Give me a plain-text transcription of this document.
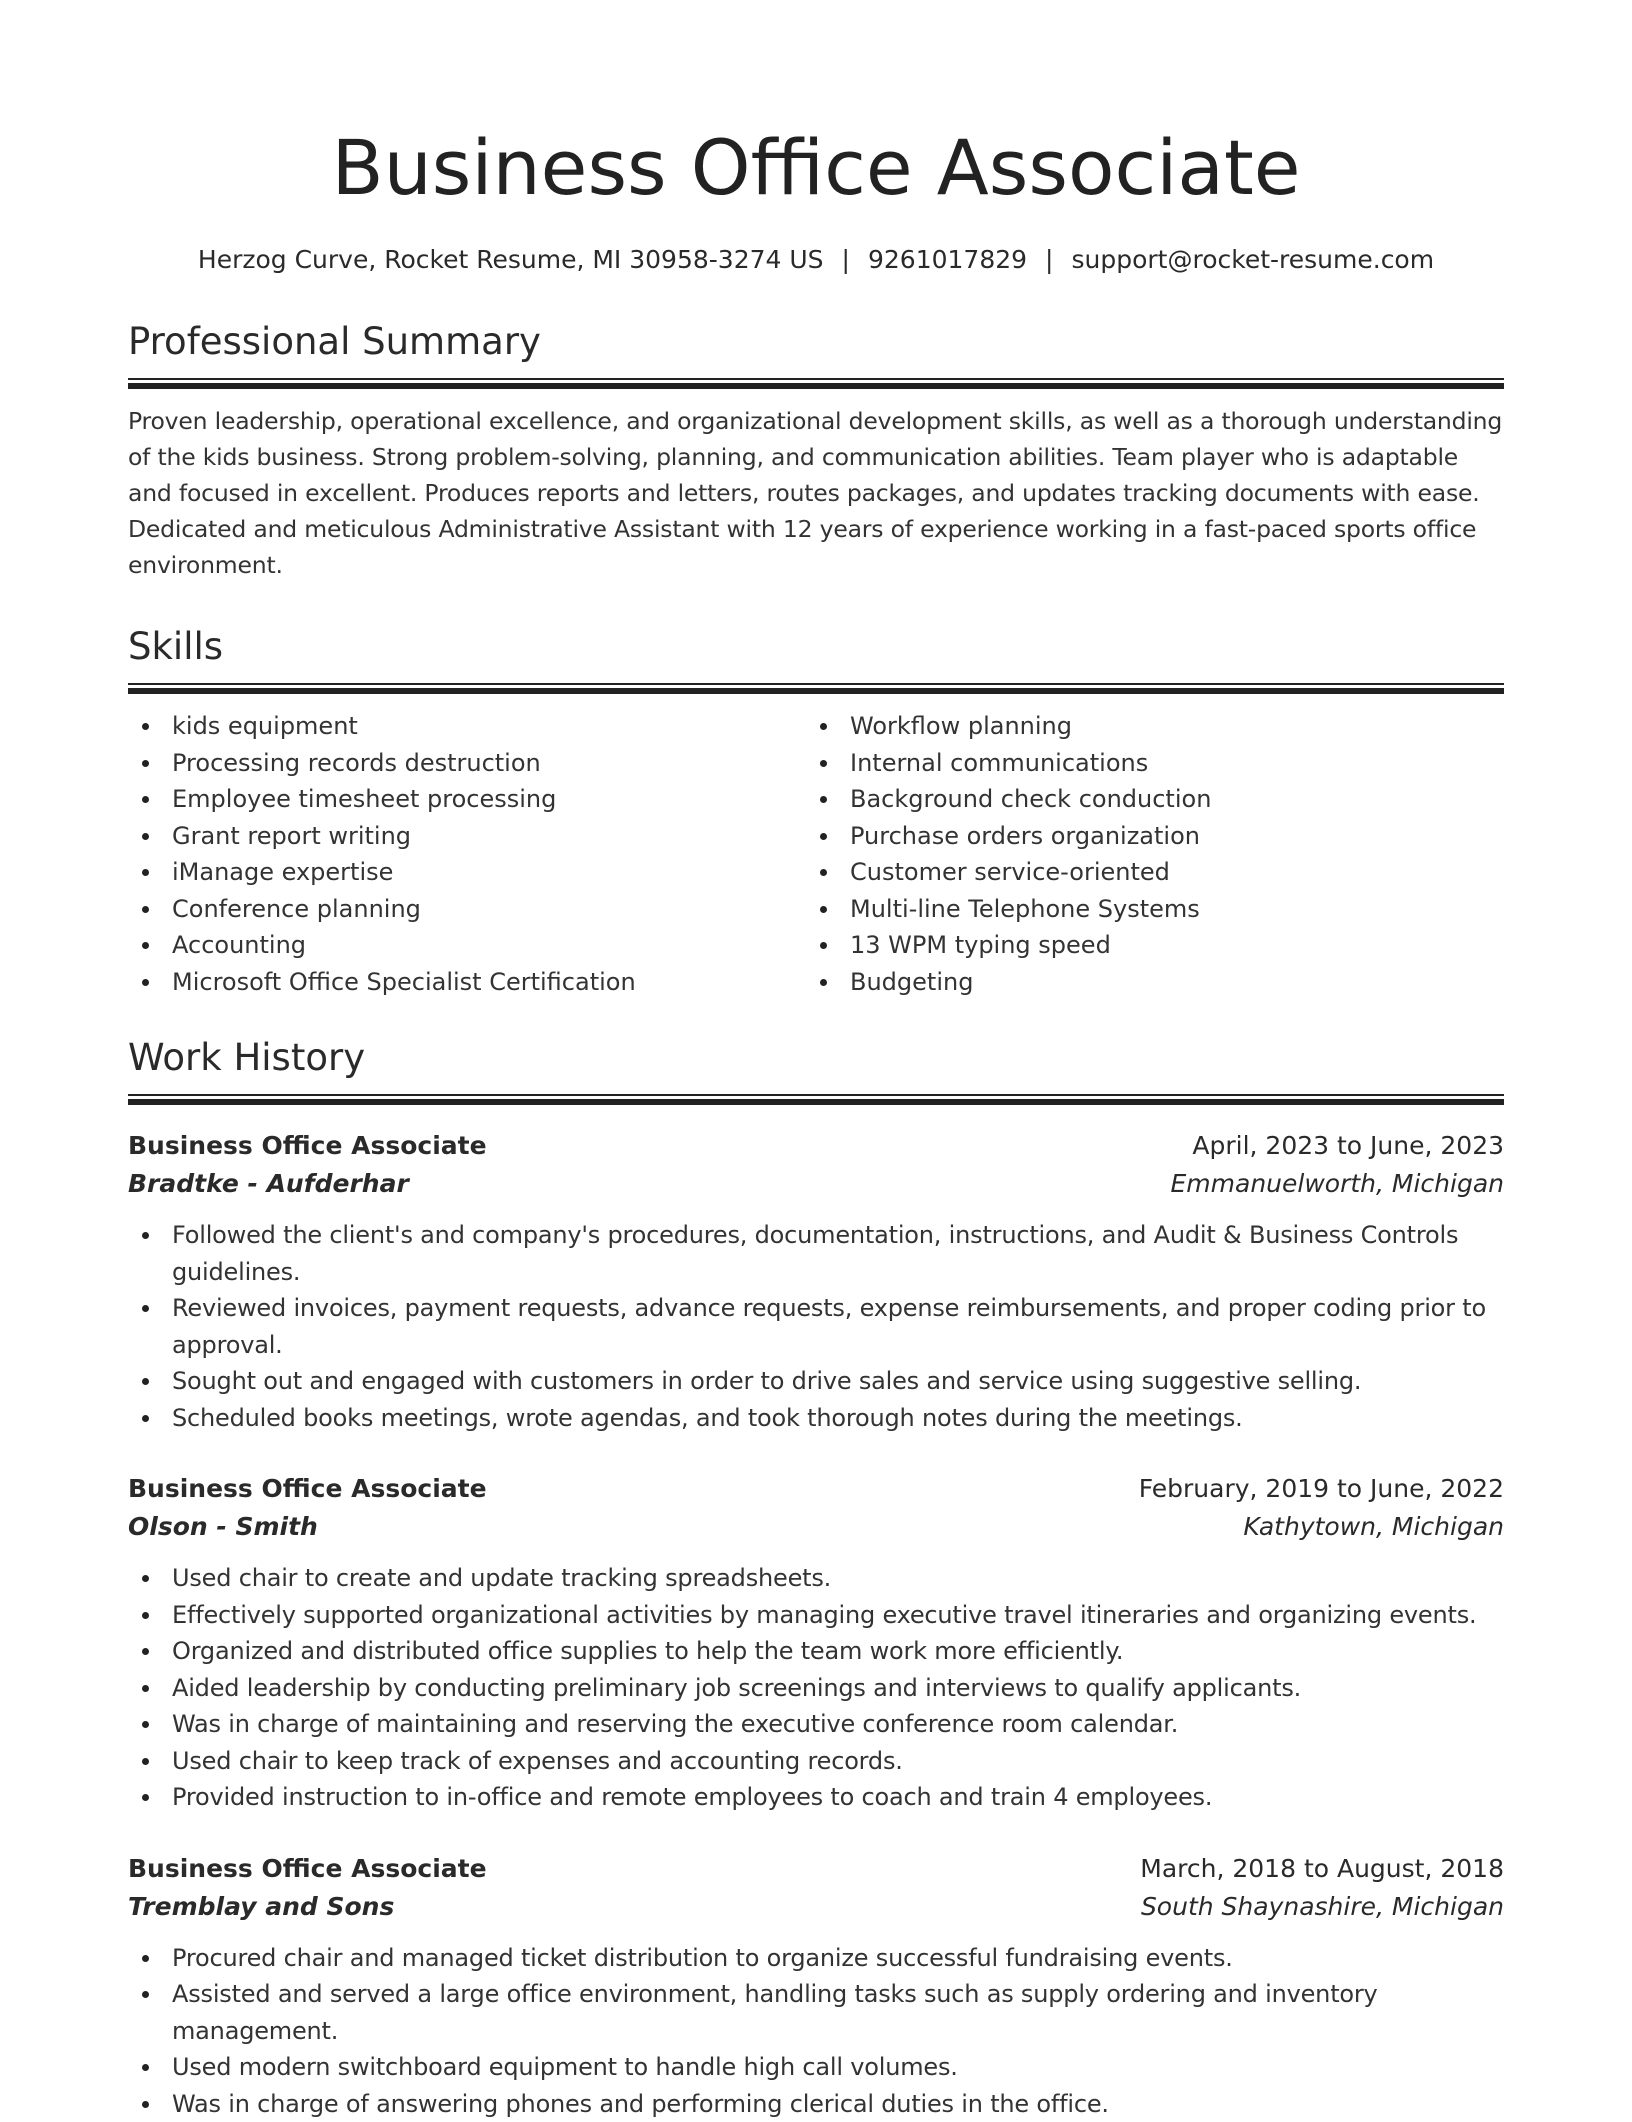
Business Office Associate
Herzog Curve, Rocket Resume, MI 30958-3274 US | 9261017829 | support@rocket-resume.com
Professional Summary
Proven leadership, operational excellence, and organizational development skills, as well as a thorough understanding of the kids business. Strong problem-solving, planning, and communication abilities. Team player who is adaptable and focused in excellent. Produces reports and letters, routes packages, and updates tracking documents with ease. Dedicated and meticulous Administrative Assistant with 12 years of experience working in a fast-paced sports office environment.
Skills
kids equipment
Processing records destruction
Employee timesheet processing
Grant report writing
iManage expertise
Conference planning
Accounting
Microsoft Office Specialist Certification
Workflow planning
Internal communications
Background check conduction
Purchase orders organization
Customer service-oriented
Multi-line Telephone Systems
13 WPM typing speed
Budgeting
Work History
Business Office Associate	April, 2023 to June, 2023
Bradtke - Aufderhar	Emmanuelworth, Michigan
Followed the client's and company's procedures, documentation, instructions, and Audit & Business Controls guidelines.
Reviewed invoices, payment requests, advance requests, expense reimbursements, and proper coding prior to approval.
Sought out and engaged with customers in order to drive sales and service using suggestive selling.
Scheduled books meetings, wrote agendas, and took thorough notes during the meetings.
Business Office Associate	February, 2019 to June, 2022
Olson - Smith	Kathytown, Michigan
Used chair to create and update tracking spreadsheets.
Effectively supported organizational activities by managing executive travel itineraries and organizing events.
Organized and distributed office supplies to help the team work more efficiently.
Aided leadership by conducting preliminary job screenings and interviews to qualify applicants.
Was in charge of maintaining and reserving the executive conference room calendar.
Used chair to keep track of expenses and accounting records.
Provided instruction to in-office and remote employees to coach and train 4 employees.
Business Office Associate	March, 2018 to August, 2018
Tremblay and Sons	South Shaynashire, Michigan
Procured chair and managed ticket distribution to organize successful fundraising events.
Assisted and served a large office environment, handling tasks such as supply ordering and inventory management.
Used modern switchboard equipment to handle high call volumes.
Was in charge of answering phones and performing clerical duties in the office.
